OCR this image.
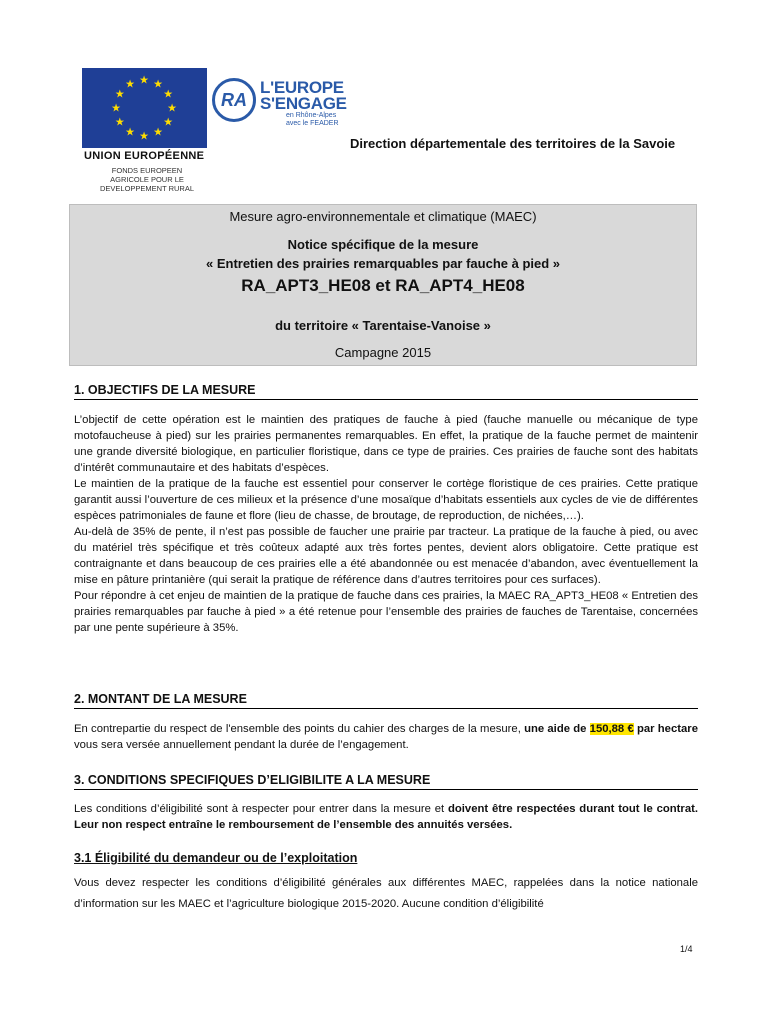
★ ★
★
★
★
★
★
★
★
★
★
★
UNION EUROPÉENNE
FONDS EUROPEEN AGRICOLE POUR LE DEVELOPPEMENT RURAL
RA
L'EUROPE
S'ENGAGE
en Rhône-Alpes avec le FEADER
Direction départementale des territoires de la Savoie
Mesure agro-environnementale et climatique (MAEC)
Notice spécifique de la mesure
« Entretien des prairies remarquables par fauche à pied »
RA_APT3_HE08 et RA_APT4_HE08
du territoire « Tarentaise-Vanoise »
Campagne 2015
1. OBJECTIFS DE LA MESURE

L’objectif de cette opération est le maintien des pratiques de fauche à pied (fauche manuelle ou mécanique de type motofaucheuse à pied) sur les prairies permanentes remarquables. En effet, la pratique de la fauche permet de maintenir une grande diversité biologique, en particulier floristique, dans ce type de prairies. Ces prairies de fauche sont des habitats d’intérêt communautaire et des habitats d’espèces.

Le maintien de la pratique de la fauche est essentiel pour conserver le cortège floristique de ces prairies. Cette pratique garantit aussi l’ouverture de ces milieux et la présence d’une mosaïque d’habitats essentiels aux cycles de vie de différentes espèces patrimoniales de faune et flore (lieu de chasse, de broutage, de reproduction, de nichées,…).

Au-delà de 35% de pente, il n’est pas possible de faucher une prairie par tracteur. La pratique de la fauche à pied, ou avec du matériel très spécifique et très coûteux adapté aux très fortes pentes, devient alors obligatoire. Cette pratique est contraignante et dans beaucoup de ces prairies elle a été abandonnée ou est menacée d’abandon, avec éventuellement la mise en pâture printanière (qui serait la pratique de référence dans d’autres territoires pour ces surfaces).

Pour répondre à cet enjeu de maintien de la pratique de fauche dans ces prairies, la MAEC RA_APT3_HE08 « Entretien des prairies remarquables par fauche à pied » a été retenue pour l’ensemble des prairies de fauches de Tarentaise, concernées par une pente supérieure à 35%.

2. MONTANT DE LA MESURE

En contrepartie du respect de l'ensemble des points du cahier des charges de la mesure, une aide de 150,88 € par hectare vous sera versée annuellement pendant la durée de l’engagement.

3. CONDITIONS SPECIFIQUES D’ELIGIBILITE A LA MESURE

Les conditions d’éligibilité sont à respecter pour entrer dans la mesure et doivent être respectées durant tout le contrat. Leur non respect entraîne le remboursement de l’ensemble des annuités versées.

3.1 Éligibilité du demandeur ou de l’exploitation
Vous devez respecter les conditions d’éligibilité générales aux différentes MAEC, rappelées dans la notice nationale d’information sur les MAEC et l’agriculture biologique 2015-2020. Aucune condition d’éligibilité
1/4
